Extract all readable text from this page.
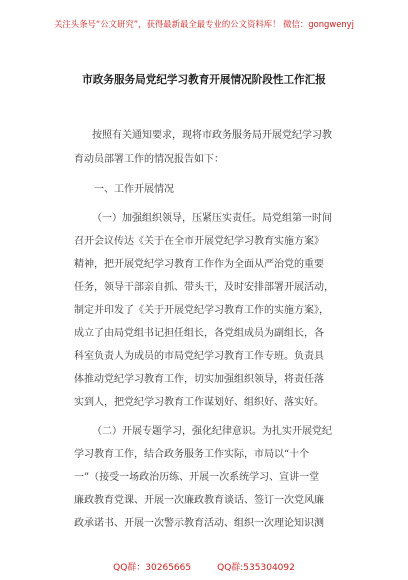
关注头条号“公文研究”，获得最新最全最专业的公文资料库！ 微信：gongwenyj
市政务服务局党纪学习教育开展情况阶段性工作汇报
按照有关通知要求，现将市政务服务局开展党纪学习教
育动员部署工作的情况报告如下：
一、工作开展情况
（一）加强组织领导，压紧压实责任。局党组第一时间
召开会议传达《关于在全市开展党纪学习教育实施方案》
精神，把开展党纪学习教育工作作为全面从严治党的重要
任务，领导干部亲自抓、带头干，及时安排部署开展活动，
制定并印发了《关于开展党纪学习教育工作的实施方案》，
成立了由局党组书记担任组长，各党组成员为副组长，各
科室负责人为成员的市局党纪学习教育工作专班。负责具
体推动党纪学习教育工作，切实加强组织领导，将责任落
实到人，把党纪学习教育工作谋划好、组织好、落实好。
（二）开展专题学习，强化纪律意识。为扎实开展党纪
学习教育工作，结合政务服务工作实际，市局以“十个
一”（接受一场政治历练、开展一次系统学习、宣讲一堂
廉政教育党课、开展一次廉政教育谈话、签订一次党风廉
政承诺书、开展一次警示教育活动、组织一次理论知识测
QQ群：30265665	QQ群:535304092
